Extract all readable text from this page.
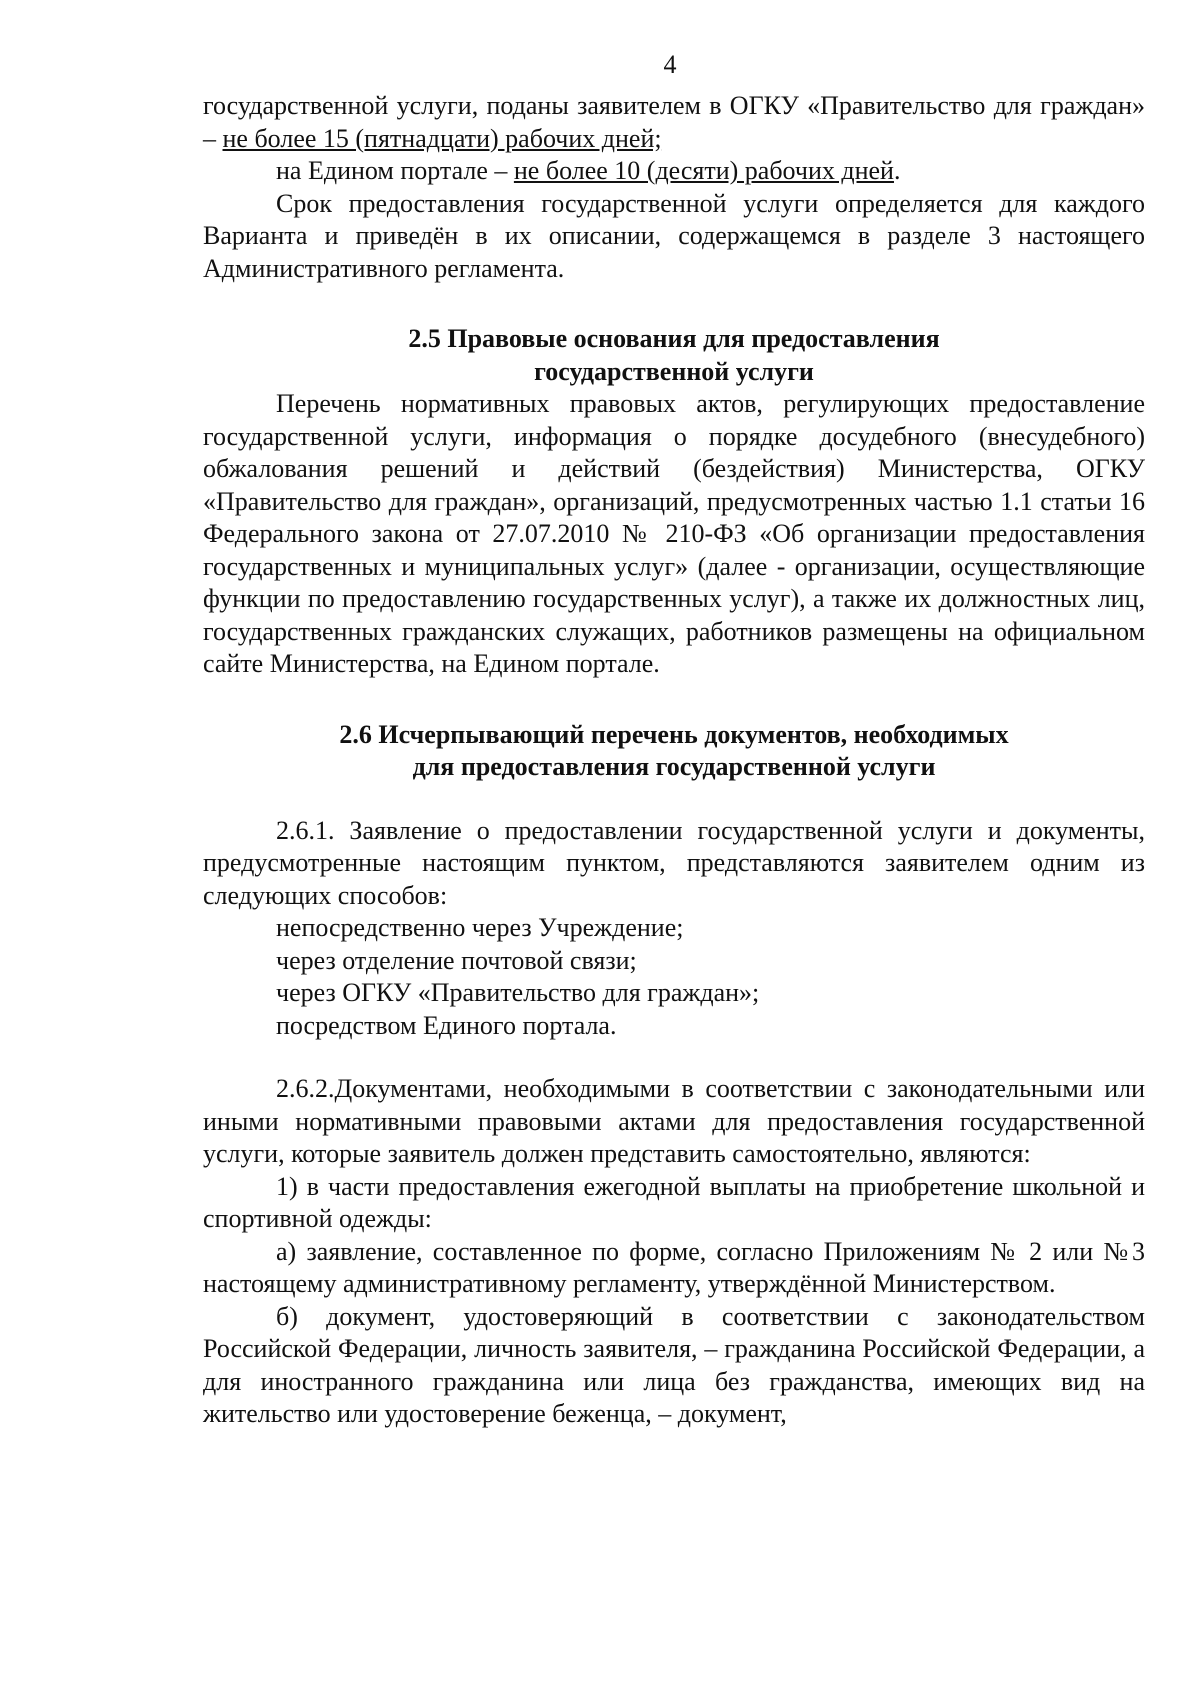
4

государственной услуги, поданы заявителем в ОГКУ «Правительство для граждан» – не более 15 (пятнадцати) рабочих дней;

на Едином портале – не более 10 (десяти) рабочих дней.

Срок предоставления государственной услуги определяется для каждого Варианта и приведён в их описании, содержащемся в разделе 3 настоящего Административного регламента.

2.5 Правовые основания для предоставления
государственной услуги

Перечень нормативных правовых актов, регулирующих предоставление государственной услуги, информация о порядке досудебного (внесудебного) обжалования решений и действий (бездействия) Министерства, ОГКУ «Правительство для граждан», организаций, предусмотренных частью 1.1 статьи 16 Федерального закона от 27.07.2010 № 210-ФЗ «Об организации предоставления государственных и муниципальных услуг» (далее - организации, осуществляющие функции по предоставлению государственных услуг), а также их должностных лиц, государственных гражданских служащих, работников размещены на официальном сайте Министерства, на Едином портале.

2.6 Исчерпывающий перечень документов, необходимых
для предоставления государственной услуги

2.6.1. Заявление о предоставлении государственной услуги и документы, предусмотренные настоящим пунктом, представляются заявителем одним из следующих способов:

непосредственно через Учреждение;

через отделение почтовой связи;

через ОГКУ «Правительство для граждан»;

посредством Единого портала.

2.6.2.Документами, необходимыми в соответствии с законодательными или иными нормативными правовыми актами для предоставления государственной услуги, которые заявитель должен представить самостоятельно, являются:

1) в части предоставления ежегодной выплаты на приобретение школьной и спортивной одежды:

а) заявление, составленное по форме, согласно Приложениям № 2 или №3 настоящему административному регламенту, утверждённой Министерством.

б) документ, удостоверяющий в соответствии с законодательством Российской Федерации, личность заявителя, – гражданина Российской Федерации, а для иностранного гражданина или лица без гражданства, имеющих вид на жительство или удостоверение беженца, – документ,
